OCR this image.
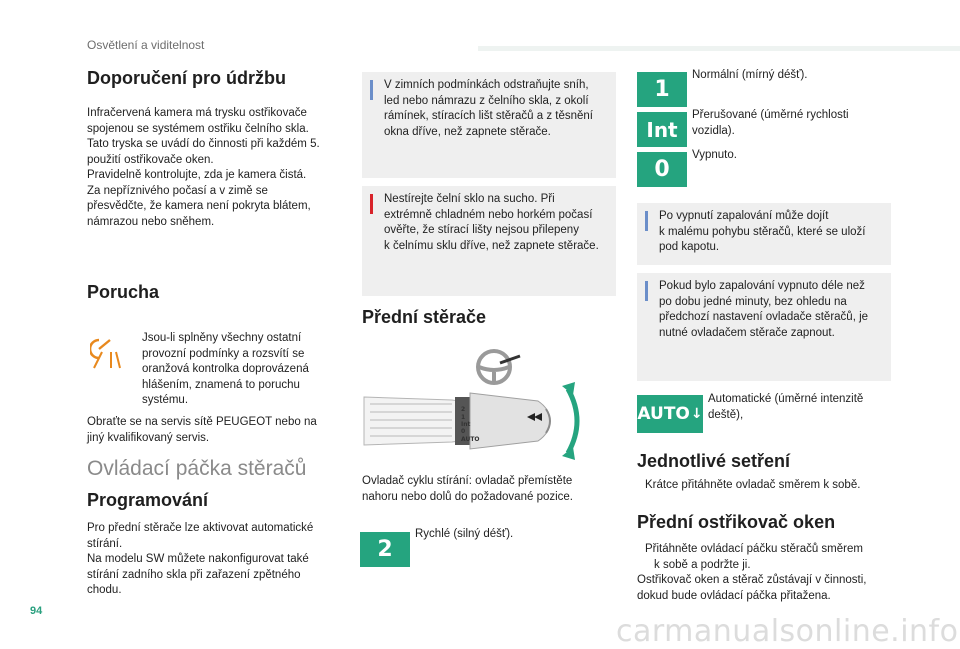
Osvětlení a viditelnost
Doporučení pro údržbu

Infračervená kamera má trysku ostřikovače

spojenou se systémem ostřiku čelního skla.

Tato tryska se uvádí do činnosti při každém 5.

použití ostřikovače oken.

Pravidelně kontrolujte, zda je kamera čistá.

Za nepříznivého počasí a v zimě se

přesvědčte, že kamera není pokryta blátem,

námrazou nebo sněhem.

Porucha

Jsou-li splněny všechny ostatní

provozní podmínky a rozsvítí se

oranžová kontrolka doprovázená

hlášením, znamená to poruchu

systému.

Obraťte se na servis sítě PEUGEOT nebo na

jiný kvalifikovaný servis.

Ovládací páčka stěračů
Programování

Pro přední stěrače lze aktivovat automatické

stírání.

Na modelu SW můžete nakonfigurovat také

stírání zadního skla při zařazení zpětného

chodu.

V zimních podmínkách odstraňujte sníh,

led nebo námrazu z čelního skla, z okolí

rámínek, stíracích lišt stěračů a z těsnění

okna dříve, než zapnete stěrače.

Nestírejte čelní sklo na sucho. Při

extrémně chladném nebo horkém počasí

ověřte, že stírací lišty nejsou přilepeny

k čelnímu sklu dříve, než zapnete stěrače.

Přední stěrače
2
1
Int
0
AUTO

Ovladač cyklu stírání: ovladač přemístěte

nahoru nebo dolů do požadované pozice.

2
Rychlé (silný déšť).
1
Normální (mírný déšť).
Int

Přerušované (úměrné rychlosti

vozidla).

0
Vypnuto.

Po vypnutí zapalování může dojít

k malému pohybu stěračů, které se uloží

pod kapotu.

Pokud bylo zapalování vypnuto déle než

po dobu jedné minuty, bez ohledu na

předchozí nastavení ovladače stěračů, je

nutné ovladačem stěrače zapnout.

AUTO ↓

Automatické (úměrné intenzitě

deště),

Jednotlivé setření

Krátce přitáhněte ovladač směrem k sobě.

Přední ostřikovač oken

Přitáhněte ovládací páčku stěračů směrem

k sobě a podržte ji.

Ostřikovač oken a stěrač zůstávají v činnosti,

dokud bude ovládací páčka přitažena.

94
carmanualsonline.info
